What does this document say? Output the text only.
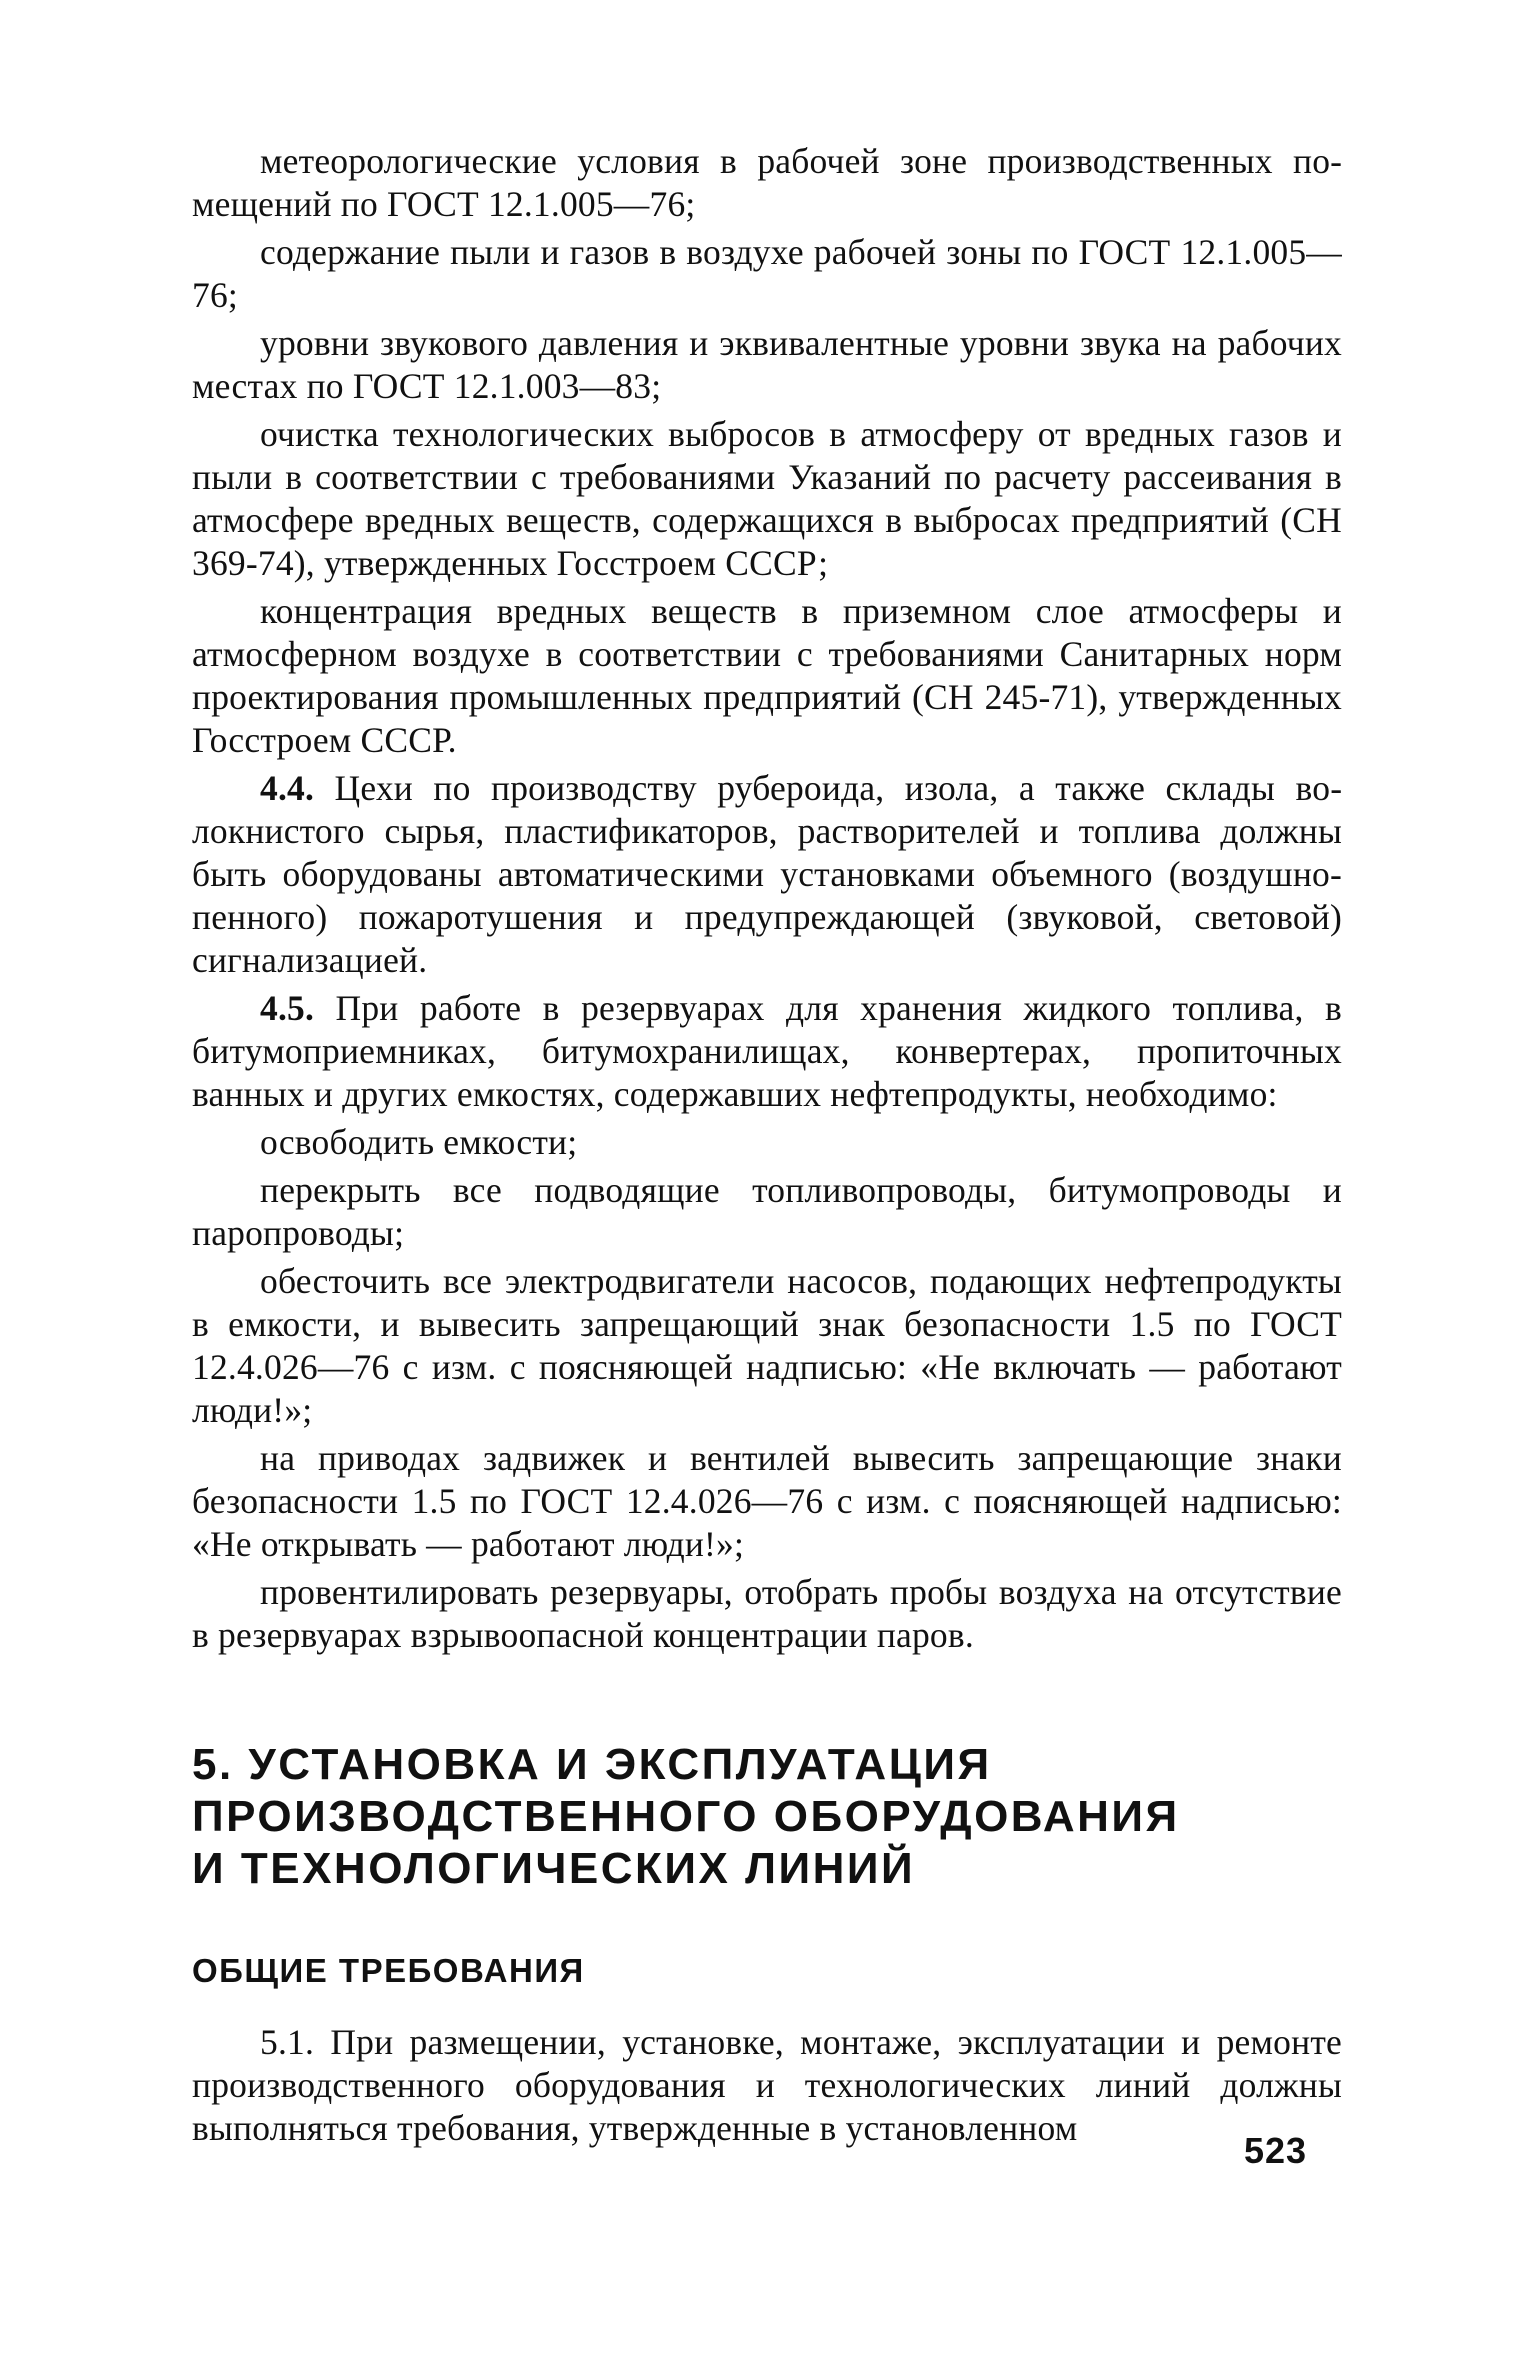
метеорологические условия в рабочей зоне производственных помещений по ГОСТ 12.1.005—76;

содержание пыли и газов в воздухе рабочей зоны по ГОСТ 12.1.005—76;

уровни звукового давления и эквивалентные уровни звука на рабочих местах по ГОСТ 12.1.003—83;

очистка технологических выбросов в атмосферу от вредных газов и пыли в соответствии с требованиями Указаний по расчету рассеивания в атмосфере вредных веществ, содержащихся в выбросах предприятий (СН 369-74), утвержденных Госстроем СССР;

концентрация вредных веществ в приземном слое атмосферы и атмосферном воздухе в соответствии с требованиями Санитарных норм проектирования промышленных предприятий (СН 245-71), утвержденных Госстроем СССР.

4.4. Цехи по производству рубероида, изола, а также склады волокнистого сырья, пластификаторов, растворителей и топлива должны быть оборудованы автоматическими установками объемного (воздушно-пенного) пожаротушения и предупреждающей (звуковой, световой) сигнализацией.

4.5. При работе в резервуарах для хранения жидкого топлива, в битумоприемниках, битумохранилищах, конвертерах, пропиточных ванных и других емкостях, содержавших нефтепродукты, необходимо:

освободить емкости;

перекрыть все подводящие топливопроводы, битумопроводы и паропроводы;

обесточить все электродвигатели насосов, подающих нефтепродукты в емкости, и вывесить запрещающий знак безопасности 1.5 по ГОСТ 12.4.026—76 с изм. с поясняющей надписью: «Не включать — работают люди!»;

на приводах задвижек и вентилей вывесить запрещающие знаки безопасности 1.5 по ГОСТ 12.4.026—76 с изм. с поясняющей надписью: «Не открывать — работают люди!»;

провентилировать резервуары, отобрать пробы воздуха на отсутствие в резервуарах взрывоопасной концентрации паров.

5. УСТАНОВКА И ЭКСПЛУАТАЦИЯ
ПРОИЗВОДСТВЕННОГО ОБОРУДОВАНИЯ
И ТЕХНОЛОГИЧЕСКИХ ЛИНИЙ
ОБЩИЕ ТРЕБОВАНИЯ

5.1. При размещении, установке, монтаже, эксплуатации и ремонте производственного оборудования и технологических линий должны выполняться требования, утвержденные в установленном

523
